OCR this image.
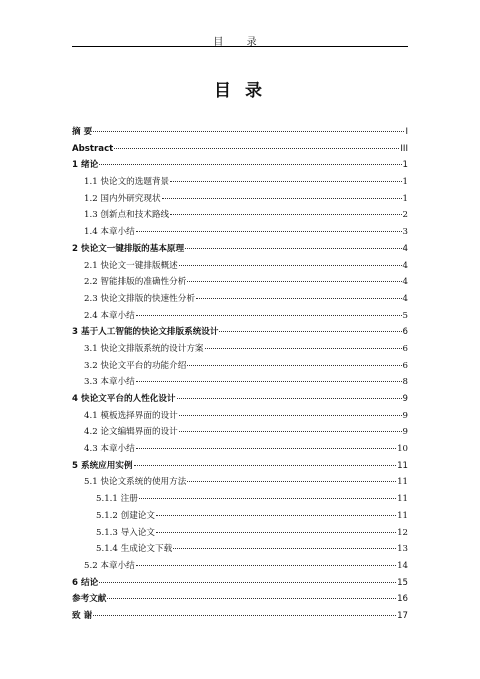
目 录
目 录
摘 要	I
Abstract	III
1 绪论	1
1.1 快论文的选题背景	1
1.2 国内外研究现状	1
1.3 创新点和技术路线	2
1.4 本章小结	3
2 快论文一键排版的基本原理	4
2.1 快论文一键排版概述	4
2.2 智能排版的准确性分析	4
2.3 快论文排版的快速性分析	4
2.4 本章小结	5
3 基于人工智能的快论文排版系统设计	6
3.1 快论文排版系统的设计方案	6
3.2 快论文平台的功能介绍	6
3.3 本章小结	8
4 快论文平台的人性化设计	9
4.1 模板选择界面的设计	9
4.2 论文编辑界面的设计	9
4.3 本章小结	10
5 系统应用实例	11
5.1 快论文系统的使用方法	11
5.1.1 注册	11
5.1.2 创建论文	11
5.1.3 导入论文	12
5.1.4 生成论文下载	13
5.2 本章小结	14
6 结论	15
参考文献	16
致 谢	17
